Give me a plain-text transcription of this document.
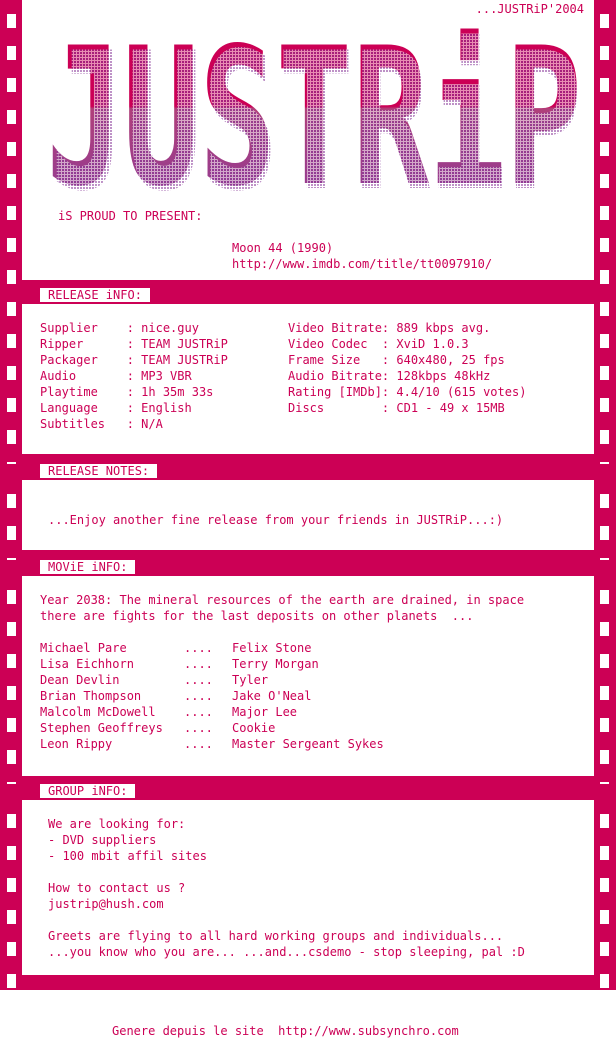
RELEASE iNFO:
RELEASE NOTES:
MOViE iNFO:
GROUP iNFO:
...JUSTRiP'2004
JUSTRiP
JUSTRiP
iS PROUD TO PRESENT:
Moon 44 (1990)
http://www.imdb.com/title/tt0097910/
Supplier    : nice.guy
Ripper      : TEAM JUSTRiP
Packager    : TEAM JUSTRiP
Audio       : MP3 VBR
Playtime    : 1h 35m 33s
Language    : English
Subtitles   : N/A
Video Bitrate: 889 kbps avg.
Video Codec  : XviD 1.0.3
Frame Size   : 640x480, 25 fps
Audio Bitrate: 128kbps 48kHz
Rating [IMDb]: 4.4/10 (615 votes)
Discs        : CD1 - 49 x 15MB
...Enjoy another fine release from your friends in JUSTRiP...:)
Year 2038: The mineral resources of the earth are drained, in space
there are fights for the last deposits on other planets  ...
Michael Pare	.... Felix Stone
Lisa Eichhorn	.... Terry Morgan
Dean Devlin	.... Tyler
Brian Thompson	.... Jake O'Neal
Malcolm McDowell .... Major Lee
Stephen Geoffreys .... Cookie
Leon Rippy	.... Master Sergeant Sykes
We are looking for:
- DVD suppliers
- 100 mbit affil sites
How to contact us ?
justrip@hush.com
Greets are flying to all hard working groups and individuals...
...you know who you are... ...and...csdemo - stop sleeping, pal :D
Genere depuis le site  http://www.subsynchro.com
